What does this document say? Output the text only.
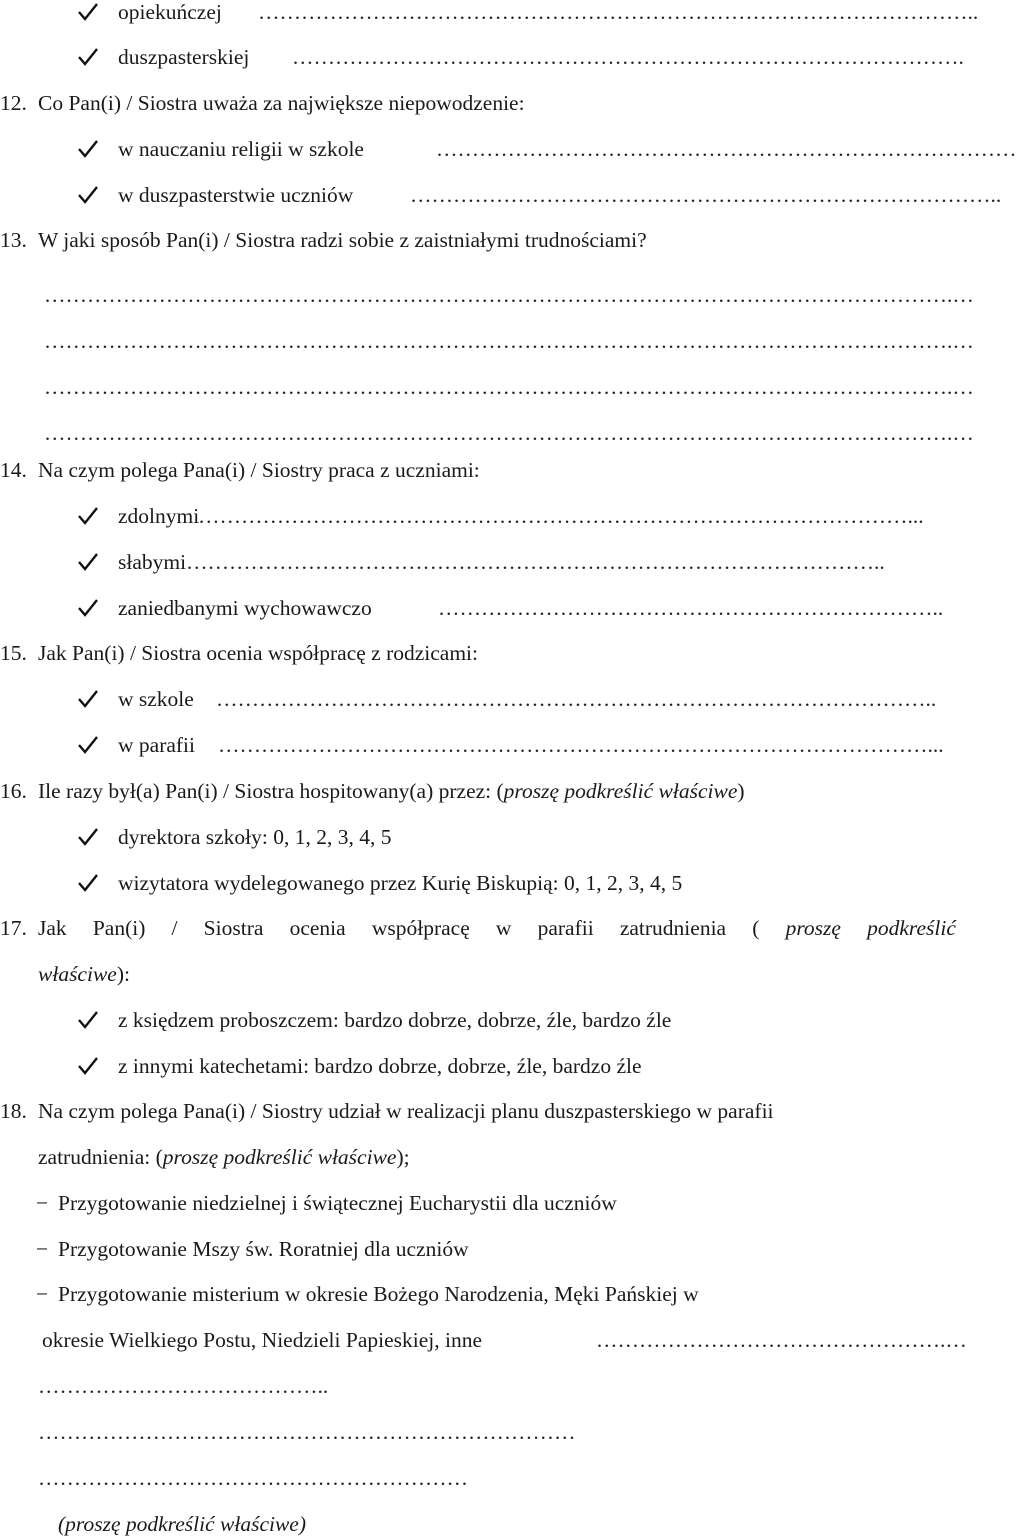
opiekuńczej ………………………………………………………………………………………..
duszpasterskiej ………………………………………………………………………………….
12. Co Pan(i) / Siostra uważa za największe niepowodzenie:
w nauczaniu religii w szkole	………………………………………………………………………
w duszpasterstwie uczniów	………………………………………………………………………..
13. W jaki sposób Pan(i) / Siostra radzi sobie z zaistniałymi trudnościami?
……………………………………………………………………………………………………………….…
……………………………………………………………………………………………………………….…
……………………………………………………………………………………………………………….…
……………………………………………………………………………………………………………….…
14. Na czym polega Pana(i) / Siostry praca z uczniami:
zdolnymi
………………………………………………………………………………………...
słabymi ……………………………………………………………………………………..
zaniedbanymi wychowawczo	……………………………………………………………..
15. Jak Pan(i) / Siostra ocenia współpracę z rodzicami:
w szkole ………………………………………………………………………………………..
w parafii ………………………………………………………………………………………...
16. Ile razy był(a) Pan(i) / Siostra hospitowany(a) przez: (proszę podkreślić właściwe)
dyrektora szkoły: 0, 1, 2, 3, 4, 5
wizytatora wydelegowanego przez Kurię Biskupią: 0, 1, 2, 3, 4, 5
17. Jak Pan(i) / Siostra ocenia współpracę w parafii zatrudnienia ( proszę podkreślić
właściwe):
z księdzem proboszczem: bardzo dobrze, dobrze, źle, bardzo źle
z innymi katechetami: bardzo dobrze, dobrze, źle, bardzo źle
18. Na czym polega Pana(i) / Siostry udział w realizacji planu duszpasterskiego w parafii
zatrudnienia: (proszę podkreślić właściwe);
− Przygotowanie niedzielnej i świątecznej Eucharystii dla uczniów
− Przygotowanie Mszy św. Roratniej dla uczniów
− Przygotowanie misterium w okresie Bożego Narodzenia, Męki Pańskiej w
okresie Wielkiego Postu, Niedzieli Papieskiej, inne	………………………………………….…
…………………………………..
…………………………………………………………………
……………………………………………………
(proszę podkreślić właściwe)
